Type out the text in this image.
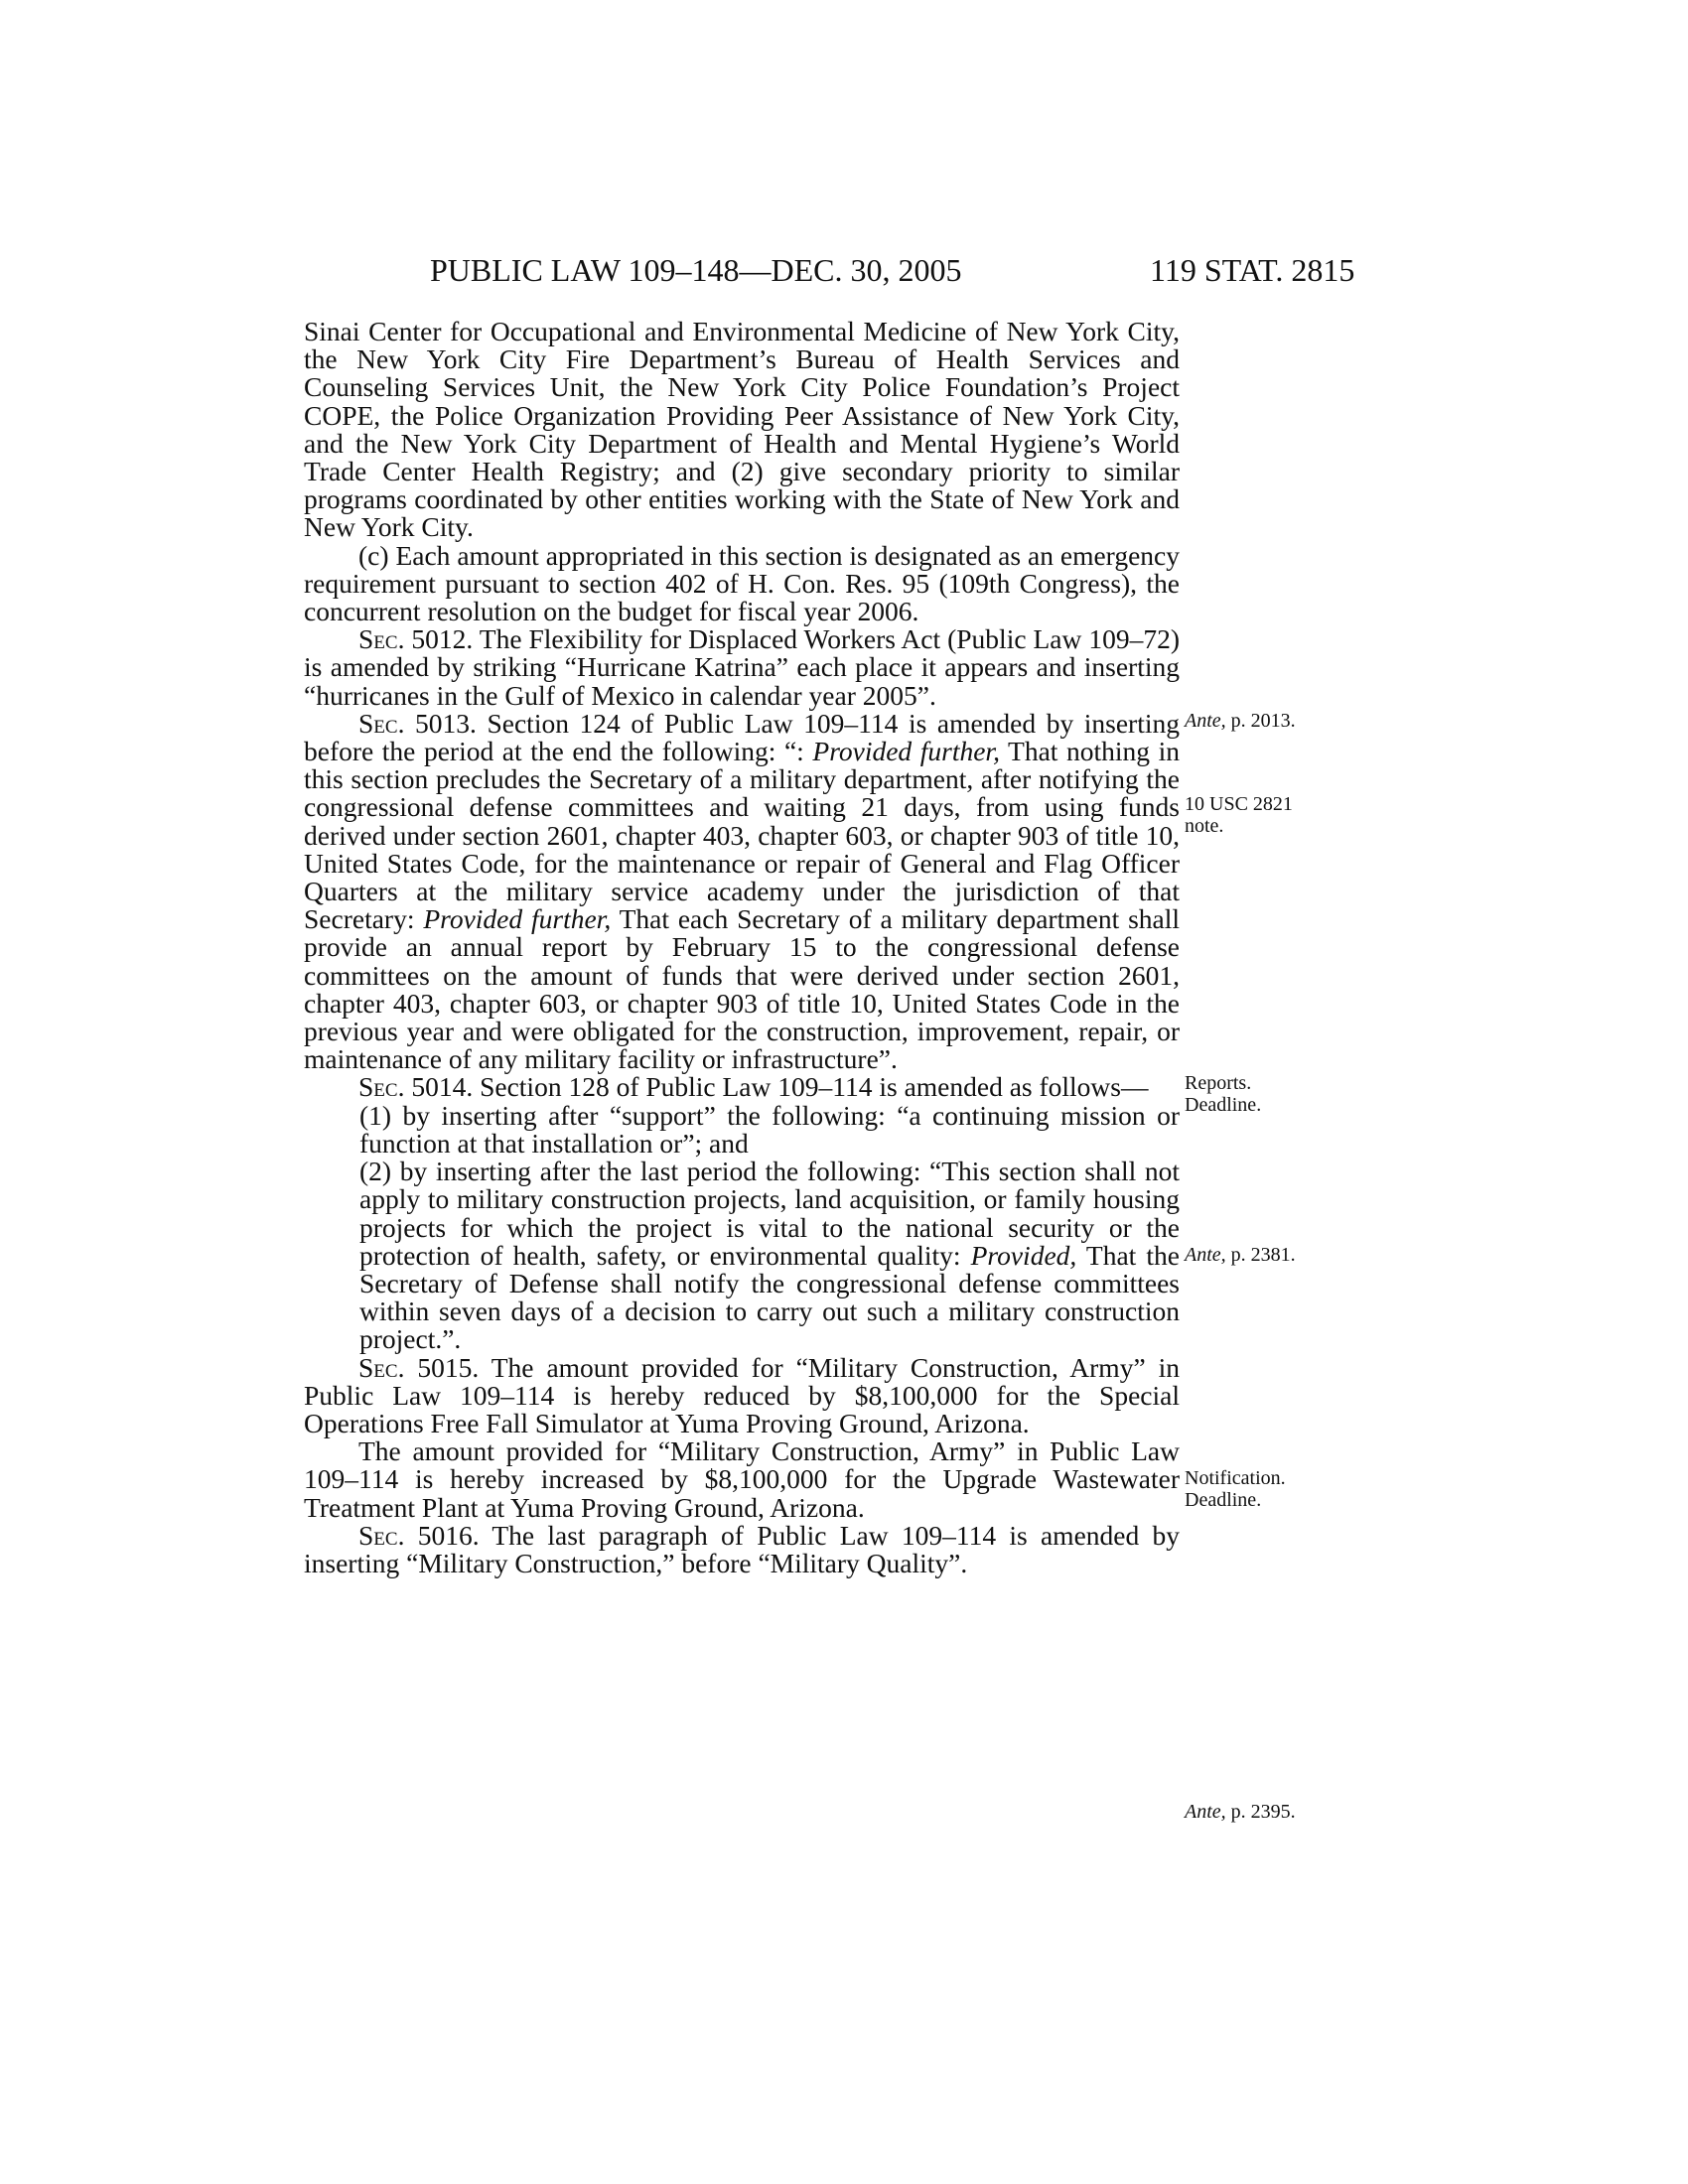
PUBLIC LAW 109–148—DEC. 30, 2005	119 STAT. 2815

Sinai Center for Occupational and Environmental Medicine of New York City, the New York City Fire Department’s Bureau of Health Services and Counseling Services Unit, the New York City Police Foundation’s Project COPE, the Police Organization Providing Peer Assistance of New York City, and the New York City Department of Health and Mental Hygiene’s World Trade Center Health Registry; and (2) give secondary priority to similar programs coordinated by other entities working with the State of New York and New York City.

(c) Each amount appropriated in this section is designated as an emergency requirement pursuant to section 402 of H. Con. Res. 95 (109th Congress), the concurrent resolution on the budget for fiscal year 2006.

Sec. 5012. The Flexibility for Displaced Workers Act (Public Law 109–72) is amended by striking “Hurricane Katrina” each place it appears and inserting “hurricanes in the Gulf of Mexico in calendar year 2005”.

Sec. 5013. Section 124 of Public Law 109–114 is amended by inserting before the period at the end the following: “: Provided further, That nothing in this section precludes the Secretary of a military department, after notifying the congressional defense committees and waiting 21 days, from using funds derived under section 2601, chapter 403, chapter 603, or chapter 903 of title 10, United States Code, for the maintenance or repair of General and Flag Officer Quarters at the military service academy under the jurisdiction of that Secretary: Provided further, That each Secretary of a military department shall provide an annual report by February 15 to the congressional defense committees on the amount of funds that were derived under section 2601, chapter 403, chapter 603, or chapter 903 of title 10, United States Code in the previous year and were obligated for the construction, improvement, repair, or maintenance of any military facility or infrastructure”.

Sec. 5014. Section 128 of Public Law 109–114 is amended as follows—

(1) by inserting after “support” the following: “a continuing mission or function at that installation or”; and

(2) by inserting after the last period the following: “This section shall not apply to military construction projects, land acquisition, or family housing projects for which the project is vital to the national security or the protection of health, safety, or environmental quality: Provided, That the Secretary of Defense shall notify the congressional defense committees within seven days of a decision to carry out such a military construction project.”.

Sec. 5015. The amount provided for “Military Construction, Army” in Public Law 109–114 is hereby reduced by $8,100,000 for the Special Operations Free Fall Simulator at Yuma Proving Ground, Arizona.

The amount provided for “Military Construction, Army” in Public Law 109–114 is hereby increased by $8,100,000 for the Upgrade Wastewater Treatment Plant at Yuma Proving Ground, Arizona.

Sec. 5016. The last paragraph of Public Law 109–114 is amended by inserting “Military Construction,” before “Military Quality”.

Ante, p. 2013.
10 USC 2821
note.
Reports.
Deadline.
Ante, p. 2381.
Notification.
Deadline.
Ante, p. 2395.
